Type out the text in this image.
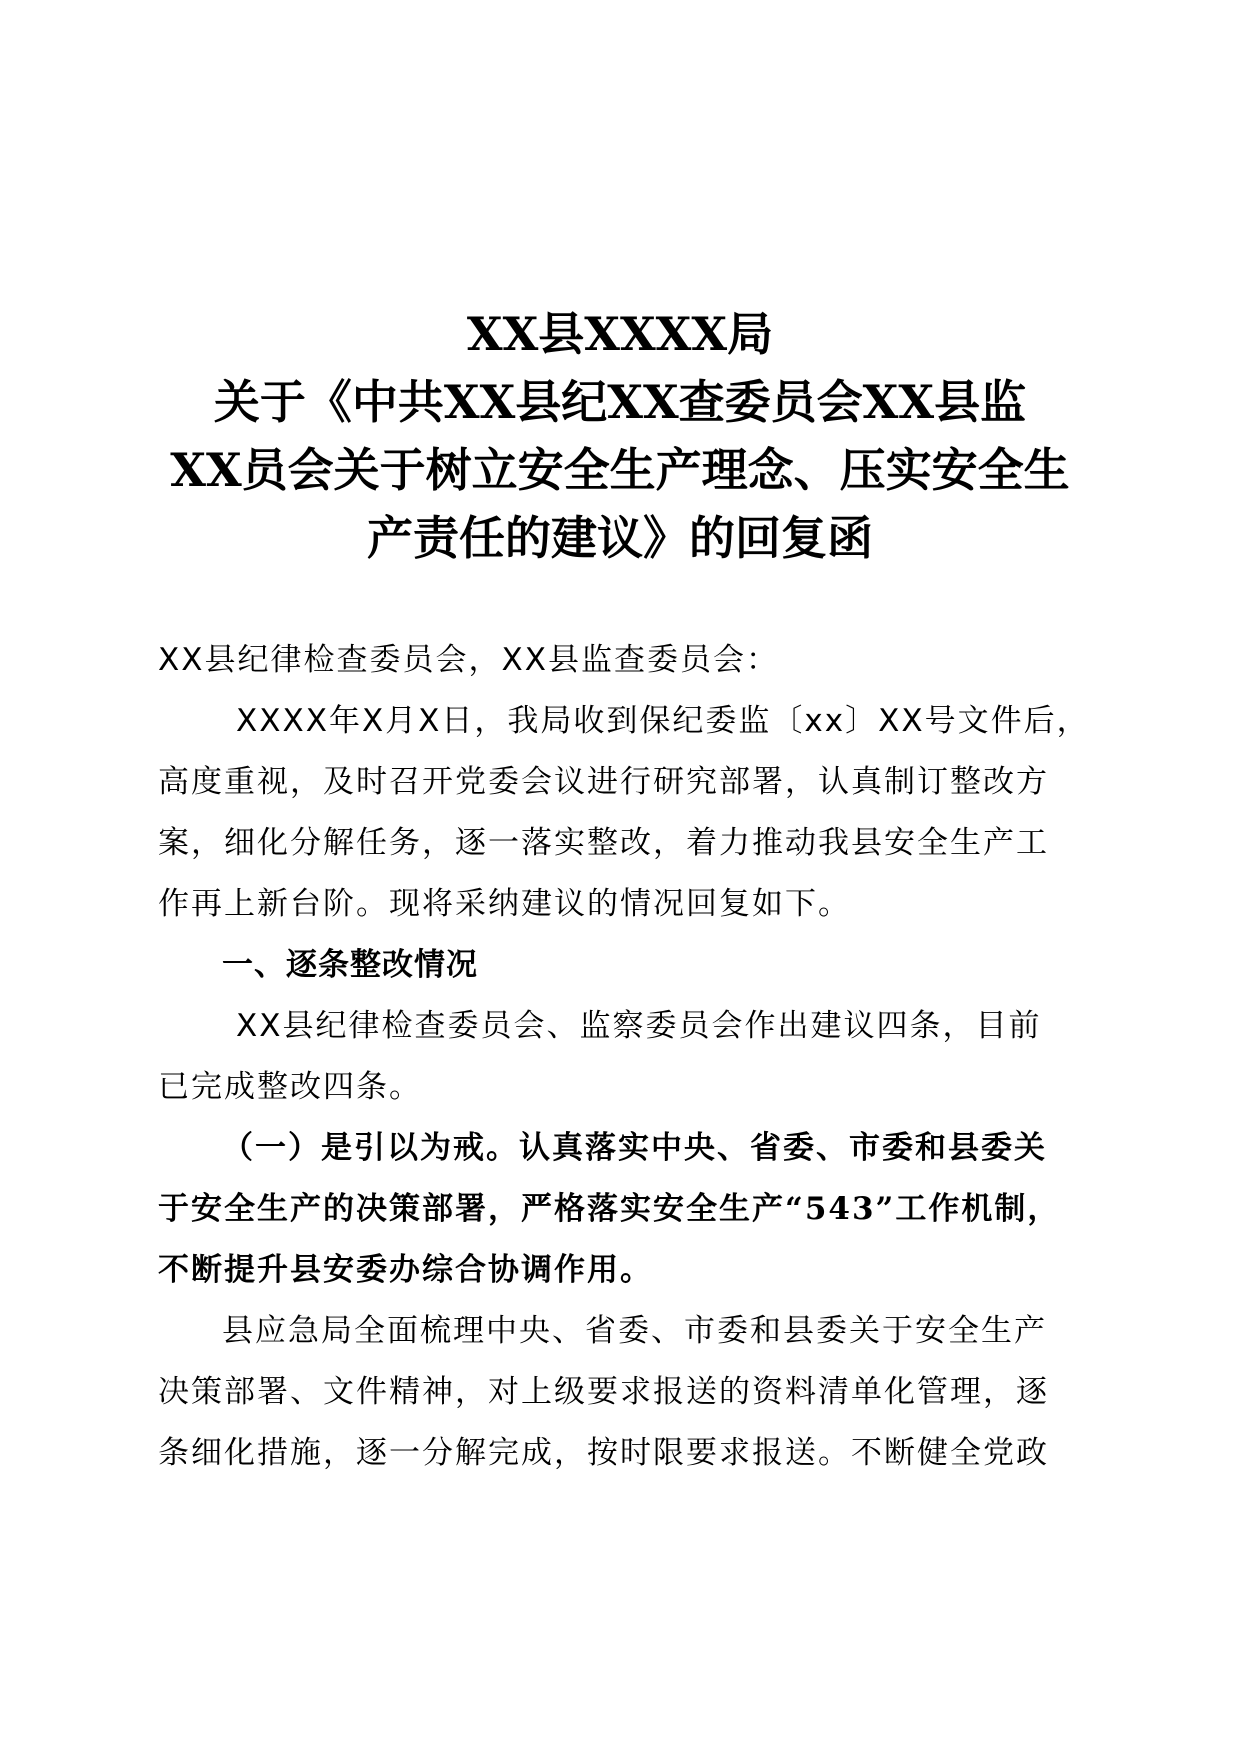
XX县XXXX局
关于《中共XX县纪XX查委员会XX县监
XX员会关于树立安全生产理念、压实安全生
产责任的建议》的回复函
XX县纪律检查委员会，XX县监查委员会：
XXXX年X月X日，我局收到保纪委监〔xx〕XX号文件后，
高度重视，及时召开党委会议进行研究部署，认真制订整改方
案，细化分解任务，逐一落实整改，着力推动我县安全生产工
作再上新台阶。现将采纳建议的情况回复如下。
一、逐条整改情况
XX县纪律检查委员会、监察委员会作出建议四条，目前
已完成整改四条。
（一）是引以为戒。认真落实中央、省委、市委和县委关
于安全生产的决策部署，严格落实安全生产“543”工作机制，
不断提升县安委办综合协调作用。
县应急局全面梳理中央、省委、市委和县委关于安全生产
决策部署、文件精神，对上级要求报送的资料清单化管理，逐
条细化措施，逐一分解完成，按时限要求报送。不断健全党政
